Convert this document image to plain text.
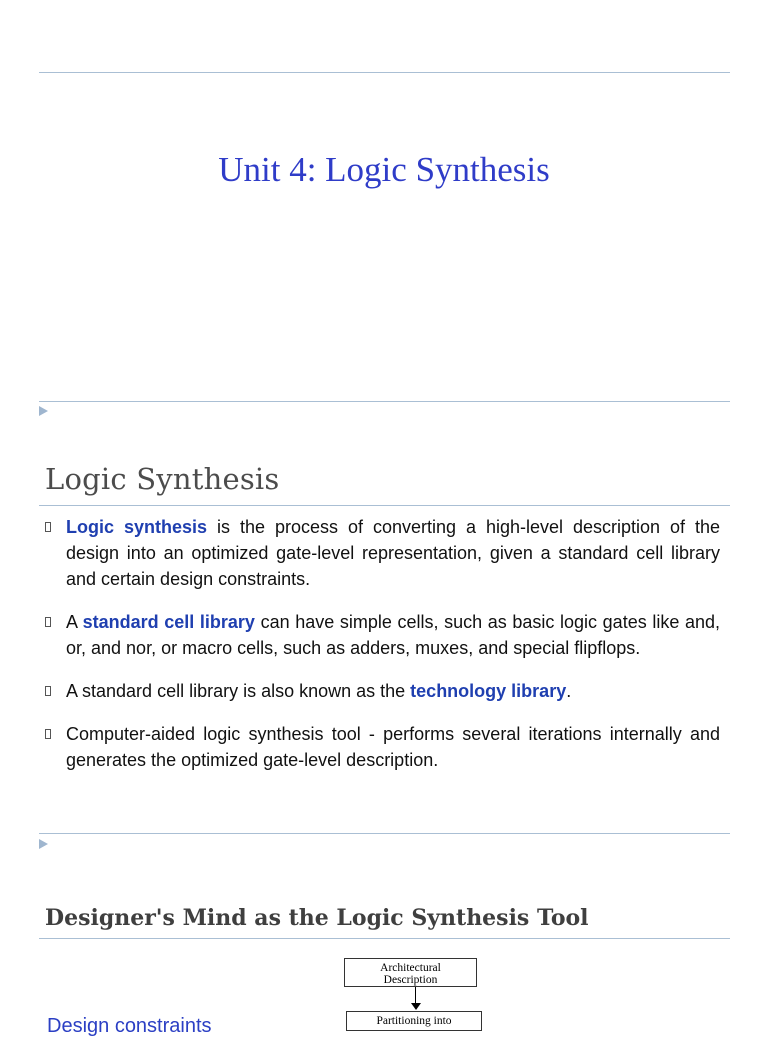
Unit 4: Logic Synthesis
Logic Synthesis
Logic synthesis is the process of converting a high-level description of the design into an optimized gate-level representation, given a standard cell library and certain design constraints.
A standard cell library can have simple cells, such as basic logic gates like and, or, and nor, or macro cells, such as adders, muxes, and special flipflops.
A standard cell library is also known as the technology library.
Computer-aided logic synthesis tool - performs several iterations internally and generates the optimized gate-level description.
Designer's Mind as the Logic Synthesis Tool
Architectural
Description
Partitioning into
Design constraints
